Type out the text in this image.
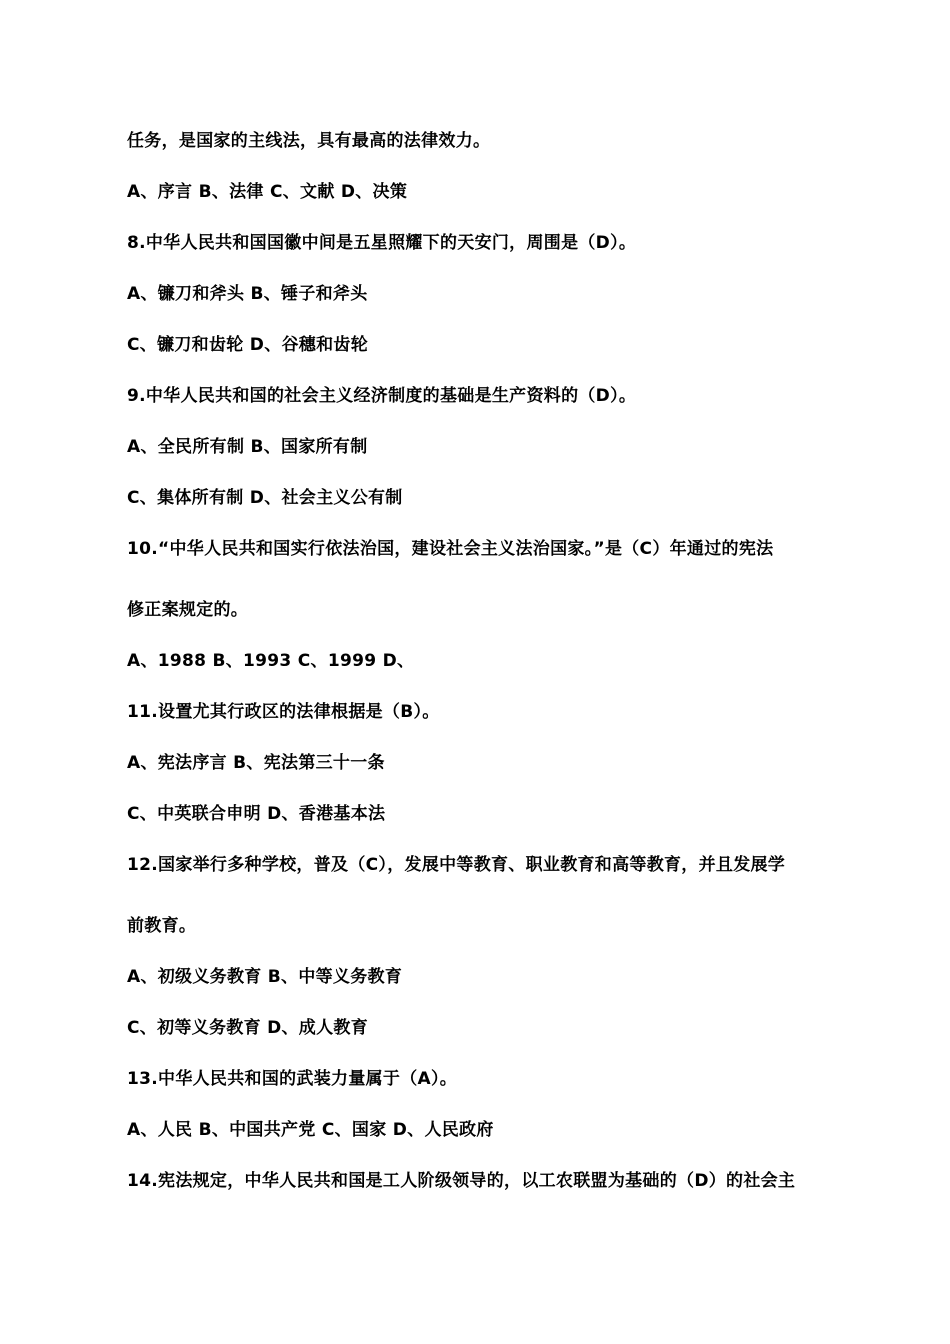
任务，是国家的主线法，具有最高的法律效力。
A、序言 B、法律 C、文献 D、决策
8.中华人民共和国国徽中间是五星照耀下的天安门，周围是（D）。
A、镰刀和斧头 B、锤子和斧头
C、镰刀和齿轮 D、谷穗和齿轮
9.中华人民共和国的社会主义经济制度的基础是生产资料的（D）。
A、全民所有制 B、国家所有制
C、集体所有制 D、社会主义公有制
10.“中华人民共和国实行依法治国，建设社会主义法治国家。”是（C）年通过的宪法
修正案规定的。
A、1988 B、1993 C、1999 D、
11.设置尤其行政区的法律根据是（B）。
A、宪法序言 B、宪法第三十一条
C、中英联合申明 D、香港基本法
12.国家举行多种学校，普及（C），发展中等教育、职业教育和高等教育，并且发展学
前教育。
A、初级义务教育 B、中等义务教育
C、初等义务教育 D、成人教育
13.中华人民共和国的武装力量属于（A）。
A、人民 B、中国共产党 C、国家 D、人民政府
14.宪法规定，中华人民共和国是工人阶级领导的，以工农联盟为基础的（D）的社会主
